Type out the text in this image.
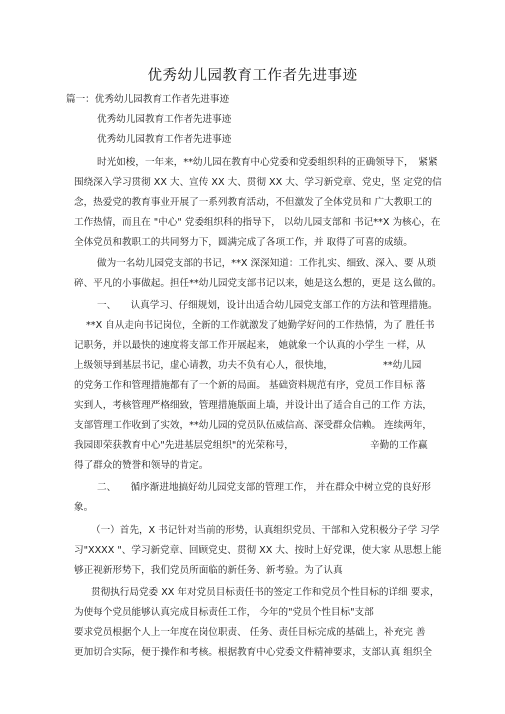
优秀幼儿园教育工作者先进事迹
篇一：优秀幼儿园教育工作者先进事迹
优秀幼儿园教育工作者先进事迹
优秀幼儿园教育工作者先进事迹
时光如梭，一年来，**幼儿园在教育中心党委和党委组织科的正确领导下，　紧紧
围绕深入学习贯彻 XX 大、宣传 XX 大、贯彻 XX 大、学习新党章、党史，坚 定党的信
念，热爱党的教育事业开展了一系列教育活动，不但激发了全体党员和 广大教职工的
工作热情，而且在 "中心" 党委组织科的指导下， 以幼儿园支部和 书记**X 为核心，在
全体党员和教职工的共同努力下，圆满完成了各项工作，并 取得了可喜的成绩。
做为一名幼儿园党支部的书记，**X 深深知道：工作扎实、细致、深入、要 从琐
碎、平凡的小事做起。担任**幼儿园党支部书记以来，她是这么想的，更是 这么做的。
一、　　认真学习、仔细规划，设计出适合幼儿园党支部工作的方法和管理措施。
**X 自从走向书记岗位，全新的工作就激发了她勤学好问的工作热情，为了 胜任书
记职务，并以最快的速度将支部工作开展起来， 她就象一个认真的小学生 一样，从
上级领导到基层书记，虚心请教，功夫不负有心人，很快地，	**幼儿园
的党务工作和管理措施都有了一个新的局面。 基础资料规范有序，党员工作目标 落
实到人，考核管理严格细致，管理措施版面上墙，并设计出了适合自己的工作 方法，
支部管理工作收到了实效，**幼儿园的党员队伍威信高、深受群众信赖。 连续两年，
我园即荣获教育中心"先进基层党组织"的光荣称号，	辛勤的工作赢
得了群众的赞誉和领导的肯定。
二、　　循序渐进地搞好幼儿园党支部的管理工作， 并在群众中树立党的良好形
象。
（一）首先，X 书记针对当前的形势，认真组织党员、干部和入党积极分子学 习学
习"XXXX "、学习新党章、回顾党史、贯彻 XX 大、按时上好党课，使大家 从思想上能
够正视新形势下，我们党员所面临的新任务、新考验。为了认真
贯彻执行局党委 XX 年对党员目标责任书的签定工作和党员个性目标的详细 要求，
为使每个党员能够认真完成目标责任工作， 今年的"党员个性目标"支部
要求党员根据个人上一年度在岗位职责、 任务、责任目标完成的基础上，补充完 善
更加切合实际，便于操作和考核。根据教育中心党委文件精神要求，支部认真 组织全
